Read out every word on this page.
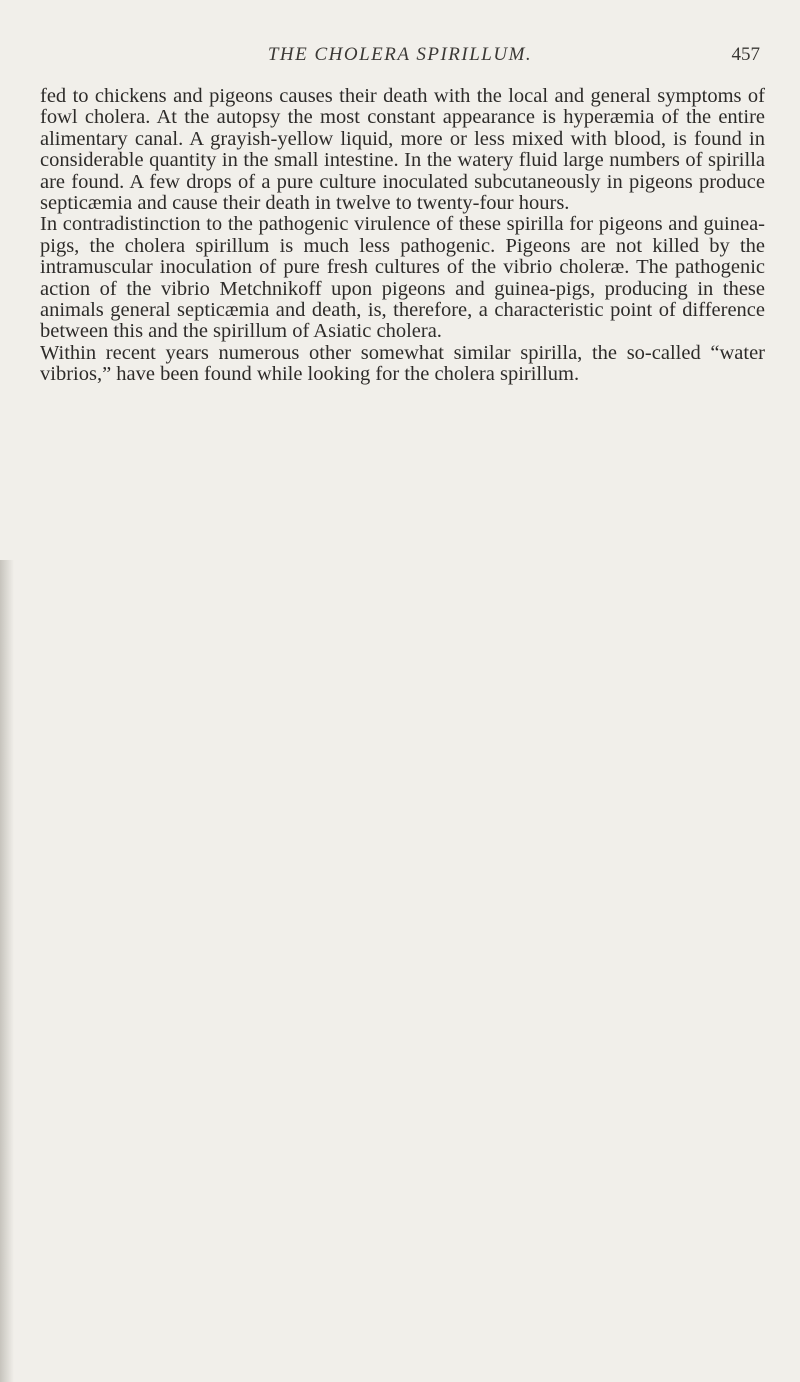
THE CHOLERA SPIRILLUM.	457

fed to chickens and pigeons causes their death with the local and general symptoms of fowl cholera. At the autopsy the most constant appearance is hyperæmia of the entire alimentary canal. A grayish-yellow liquid, more or less mixed with blood, is found in considerable quantity in the small intestine. In the watery fluid large numbers of spirilla are found. A few drops of a pure culture inoculated subcutaneously in pigeons produce septicæmia and cause their death in twelve to twenty-four hours.

In contradistinction to the pathogenic virulence of these spirilla for pigeons and guinea-pigs, the cholera spirillum is much less pathogenic. Pigeons are not killed by the intramuscular inoculation of pure fresh cultures of the vibrio choleræ. The pathogenic action of the vibrio Metchnikoff upon pigeons and guinea-pigs, producing in these animals general septicæmia and death, is, therefore, a characteristic point of difference between this and the spirillum of Asiatic cholera.

Within recent years numerous other somewhat similar spirilla, the so-called “water vibrios,” have been found while looking for the cholera spirillum.
